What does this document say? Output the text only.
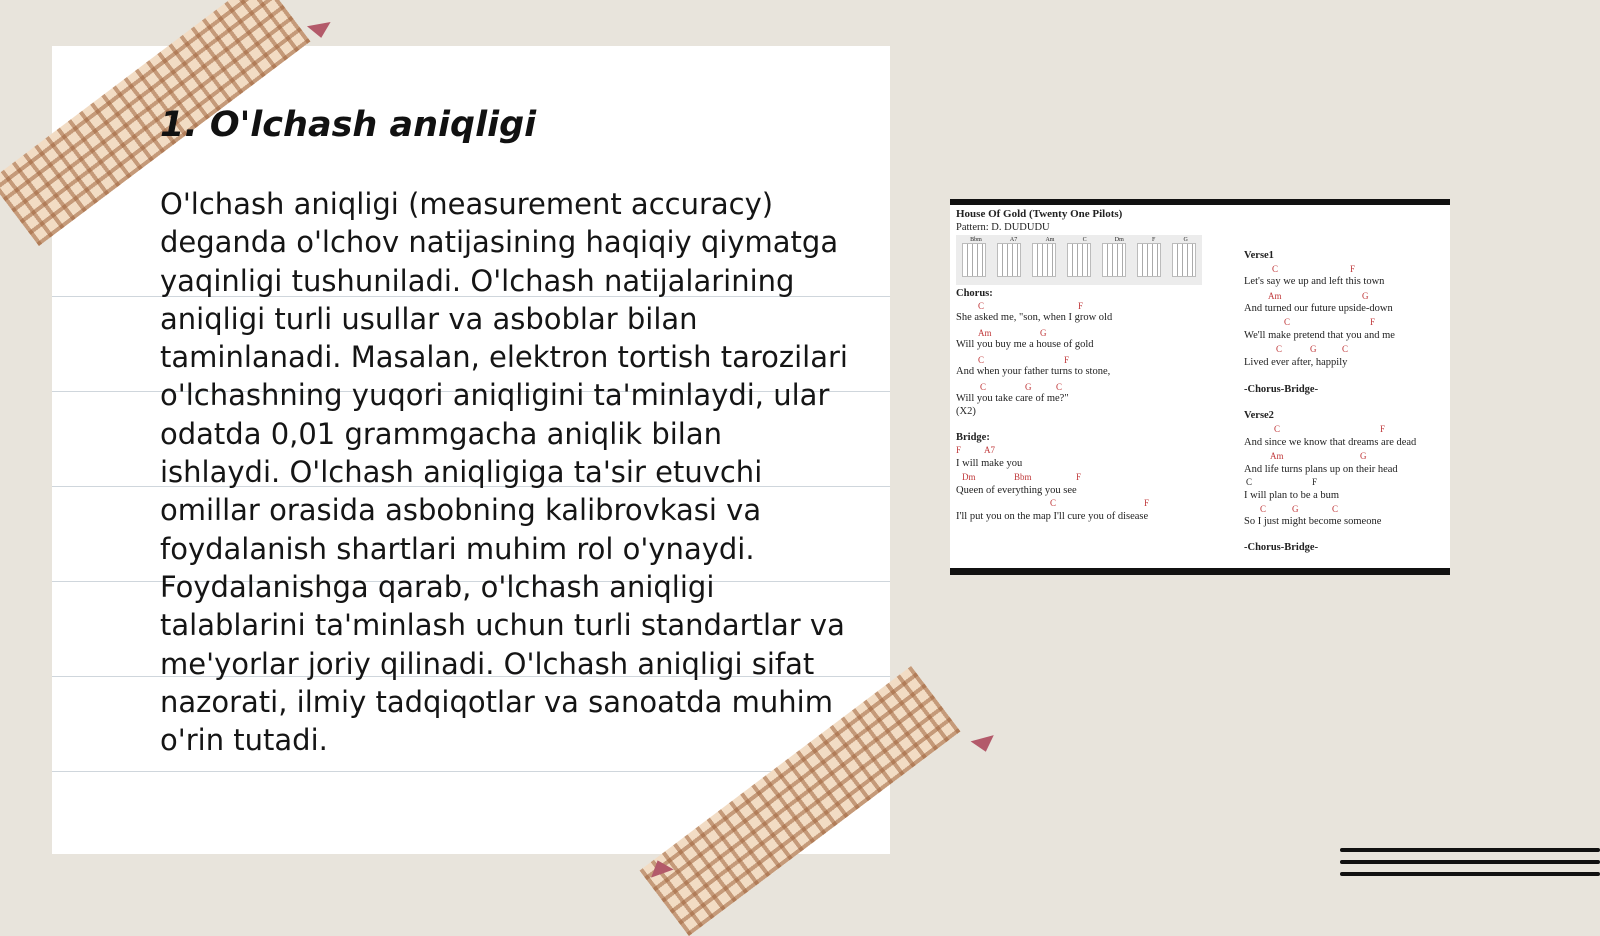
1. O'lchash aniqligi

O'lchash aniqligi (measurement accuracy) deganda o'lchov natijasining haqiqiy qiymatga yaqinligi tushuniladi. O'lchash natijalarining aniqligi turli usullar va asboblar bilan taminlanadi. Masalan, elektron tortish tarozilari o'lchashning yuqori aniqligini ta'minlaydi, ular odatda 0,01 grammgacha aniqlik bilan ishlaydi. O'lchash aniqligiga ta'sir etuvchi omillar orasida asbobning kalibrovkasi va foydalanish shartlari muhim rol o'ynaydi. Foydalanishga qarab, o'lchash aniqligi talablarini ta'minlash uchun turli standartlar va me'yorlar joriy qilinadi. O'lchash aniqligi sifat nazorati, ilmiy tadqiqotlar va sanoatda muhim o'rin tutadi.

House Of Gold (Twenty One Pilots)
Pattern: D. DUDUDU
Bbm	A7	Am	C	Dm	F	G
Chorus:
C	F
She asked me, "son, when I grow old
Am	G
Will you buy me a house of gold
C	F
And when your father turns to stone,
C	G	C
Will you take care of me?"
(X2)
Bridge:
F	A7
I will make you
Dm	Bbm	F
Queen of everything you see
C	F
I'll put you on the map I'll cure you of disease
Verse1
C	F
Let's say we up and left this town
Am	G
And turned our future upside-down
C	F
We'll make pretend that you and me
C	G	C
Lived ever after, happily
-Chorus-Bridge-
Verse2
C	F
And since we know that dreams are dead
Am	G
And life turns plans up on their head
C	F
I will plan to be a bum
C	G	C
So I just might become someone
-Chorus-Bridge-
